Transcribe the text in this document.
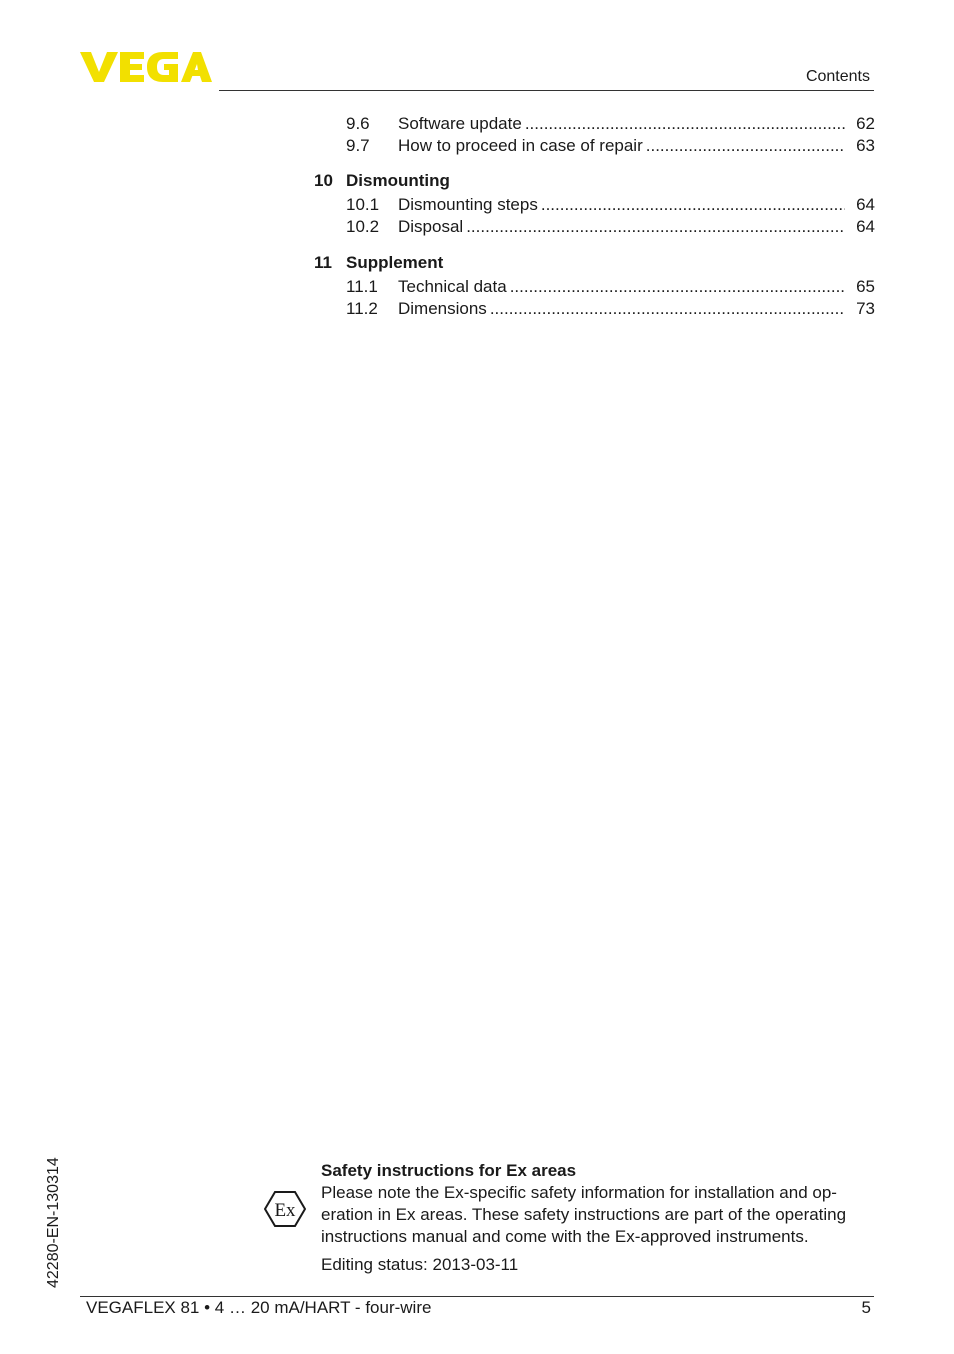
Contents
9.6	Software update .....	62
9.7	How to proceed in case of repair .....	63
10 Dismounting
10.1	Dismounting steps .....	64
10.2	Disposal .....	64
11 Supplement
11.1	Technical data .....	65
11.2	Dimensions .....	73
42280-EN-130314	Ex
Safety instructions for Ex areas

Please note the Ex-specific safety information for installation and op-

eration in Ex areas. These safety instructions are part of the operating

instructions manual and come with the Ex-approved instruments.

Editing status: 2013-03-11

VEGAFLEX 81 • 4 … 20 mA/HART - four-wire	5
